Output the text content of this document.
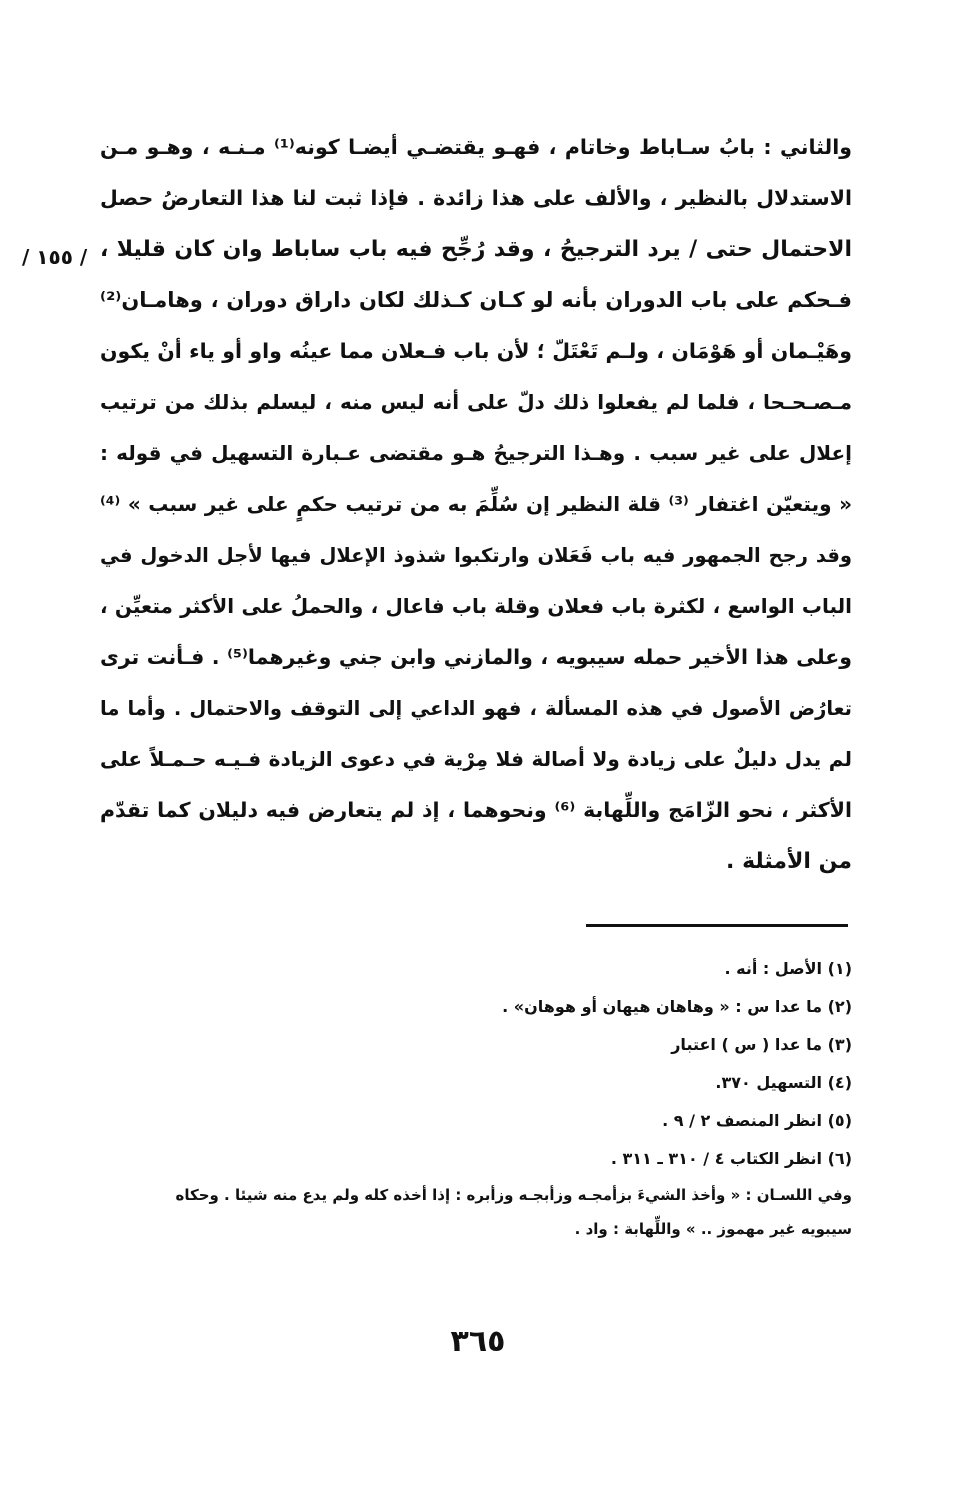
والثاني : بابُ سـاباط وخاتام ، فهـو يقتضـي أيضـا كونه⁽¹⁾ مـنـه ، وهـو مـن
الاستدلال بالنظير ، والألف على هذا زائدة . فإذا ثبت لنا هذا التعارضُ حصل
الاحتمال حتى / يرد الترجيحُ ، وقد رُجِّح فيه باب ساباط وان كان قليلا ،
فـحكم على باب الدوران بأنه لو كـان كـذلك لكان داراق دوران ، وهامـان⁽²⁾
وهَيْـمان أو هَوْمَان ، ولـم تَعْتَلّ ؛ لأن باب فـعلان مما عينُه واو أو ياء أنْ يكون
مـصـحـحا ، فلما لم يفعلوا ذلك دلّ على أنه ليس منه ، ليسلم بذلك من ترتيب
إعلال على غير سبب . وهـذا الترجيحُ هـو مقتضى عـبارة التسهيل في قوله :
« ويتعيّن اغتفار ⁽³⁾ قلة النظير إن سُلِّمَ به من ترتيب حكمٍ على غير سبب » ⁽⁴⁾
وقد رجح الجمهور فيه باب فَعَلان وارتكبوا شذوذ الإعلال فيها لأجل الدخول في
الباب الواسع ، لكثرة باب فعلان وقلة باب فاعال ، والحملُ على الأكثر متعيِّن ،
وعلى هذا الأخير حمله سيبويه ، والمازني وابن جني وغيرهما⁽⁵⁾ . فـأنت ترى
تعارُض الأصول في هذه المسألة ، فهو الداعي إلى التوقف والاحتمال . وأما ما
لم يدل دليلٌ على زيادة ولا أصالة فلا مِرْية في دعوى الزيادة فـيـه حـمـلاً على
الأكثر ، نحو الزّامَج واللِّهابة ⁽⁶⁾ ونحوهما ، إذ لم يتعارض فيه دليلان كما تقدّم
من الأمثلة .
/ ١٥٥ /
(١) الأصل : أنه .
(٢) ما عدا س : « وهاهان هيهان أو هوهان» .
(٣) ما عدا ( س ) اعتبار
(٤) التسهيل ٣٧٠.
(٥) انظر المنصف ٢ / ٩ .
(٦) انظر الكتاب ٤ / ٣١٠ ـ ٣١١ .
وفي اللسـان : « وأخذ الشيءَ بزأمجـه وزأبجـه وزأبره : إذا أخذه كله ولم يدع منه شيئا . وحكاه
سيبويه غير مهموز .. » واللِّهابة : واد .
٣٦٥
